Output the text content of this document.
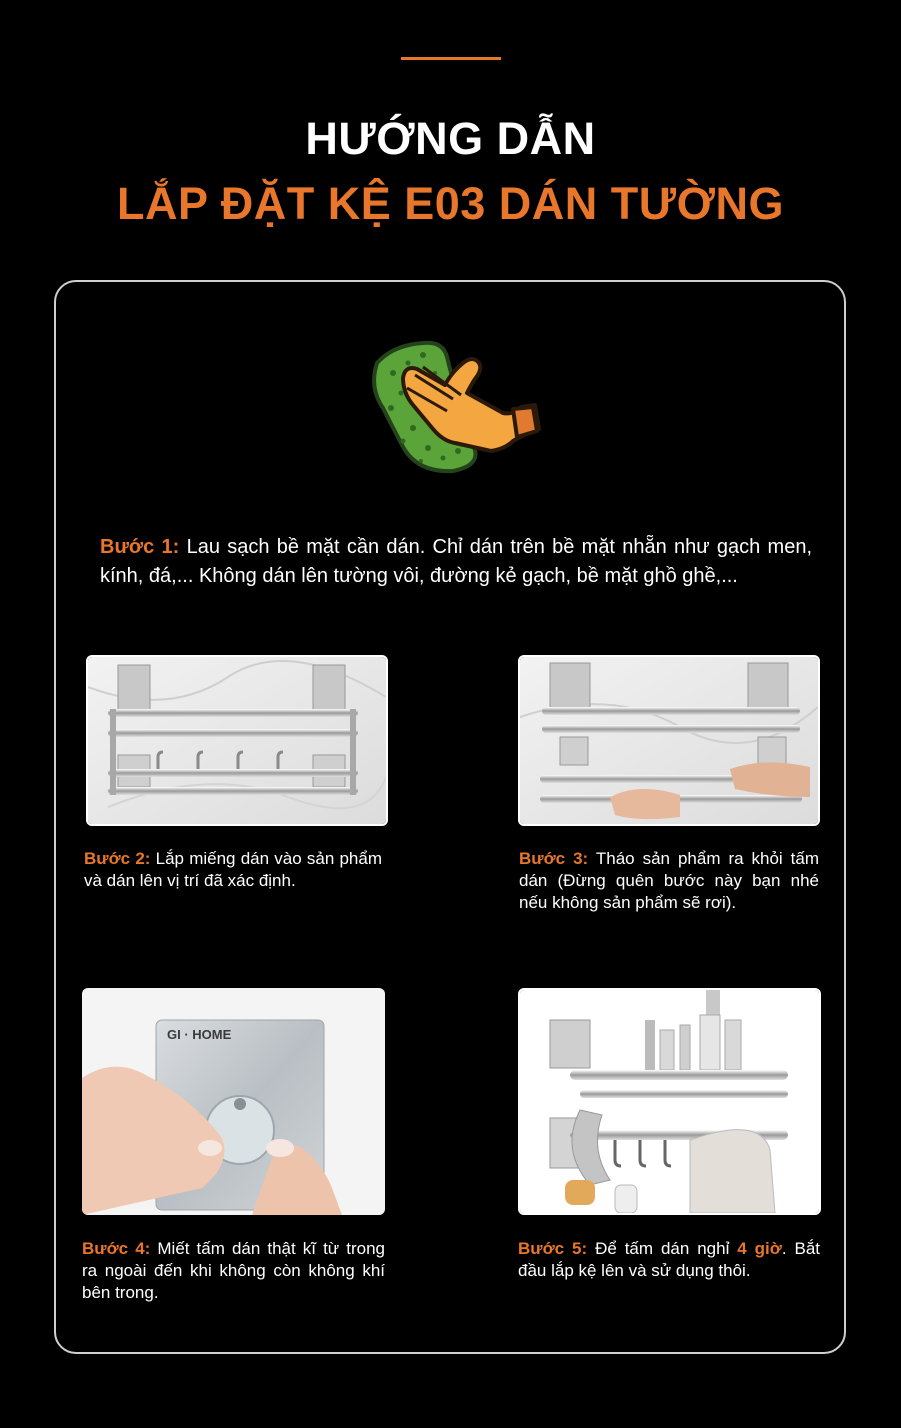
HƯỚNG DẪN
LẮP ĐẶT KỆ E03 DÁN TƯỜNG
Bước 1: Lau sạch bề mặt cần dán. Chỉ dán trên bề mặt nhẵn như gạch men, kính, đá,... Không dán lên tường vôi, đường kẻ gạch, bề mặt ghồ ghề,...
Bước 2: Lắp miếng dán vào sản phẩm và dán lên vị trí đã xác định.
Bước 3: Tháo sản phẩm ra khỏi tấm dán (Đừng quên bước này bạn nhé nếu không sản phẩm sẽ rơi).
GI · HOME
Bước 4: Miết tấm dán thật kĩ từ trong ra ngoài đến khi không còn không khí bên trong.
Bước 5: Để tấm dán nghỉ 4 giờ. Bắt đầu lắp kệ lên và sử dụng thôi.
